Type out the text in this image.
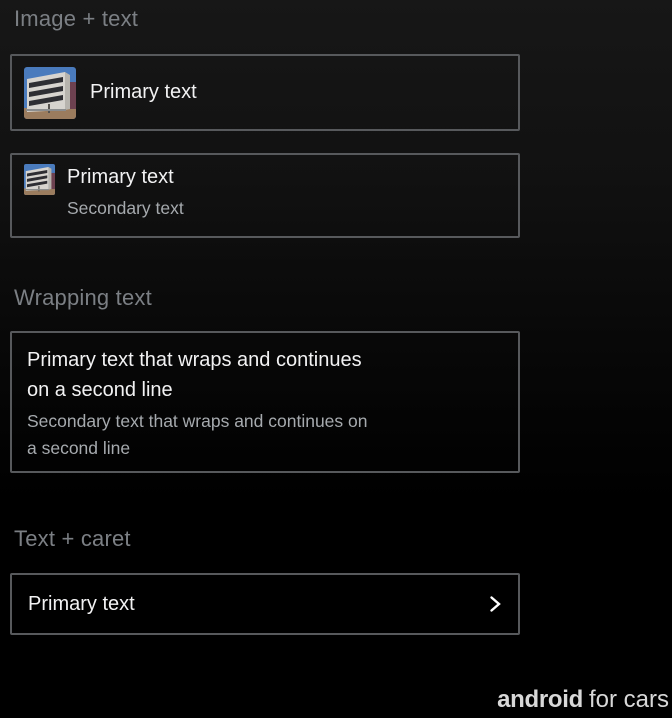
Image + text
Primary text
Primary text
Secondary text
Wrapping text
Primary text that wraps and continues
on a second line
Secondary text that wraps and continues on
a second line
Text + caret
Primary text
android for cars
